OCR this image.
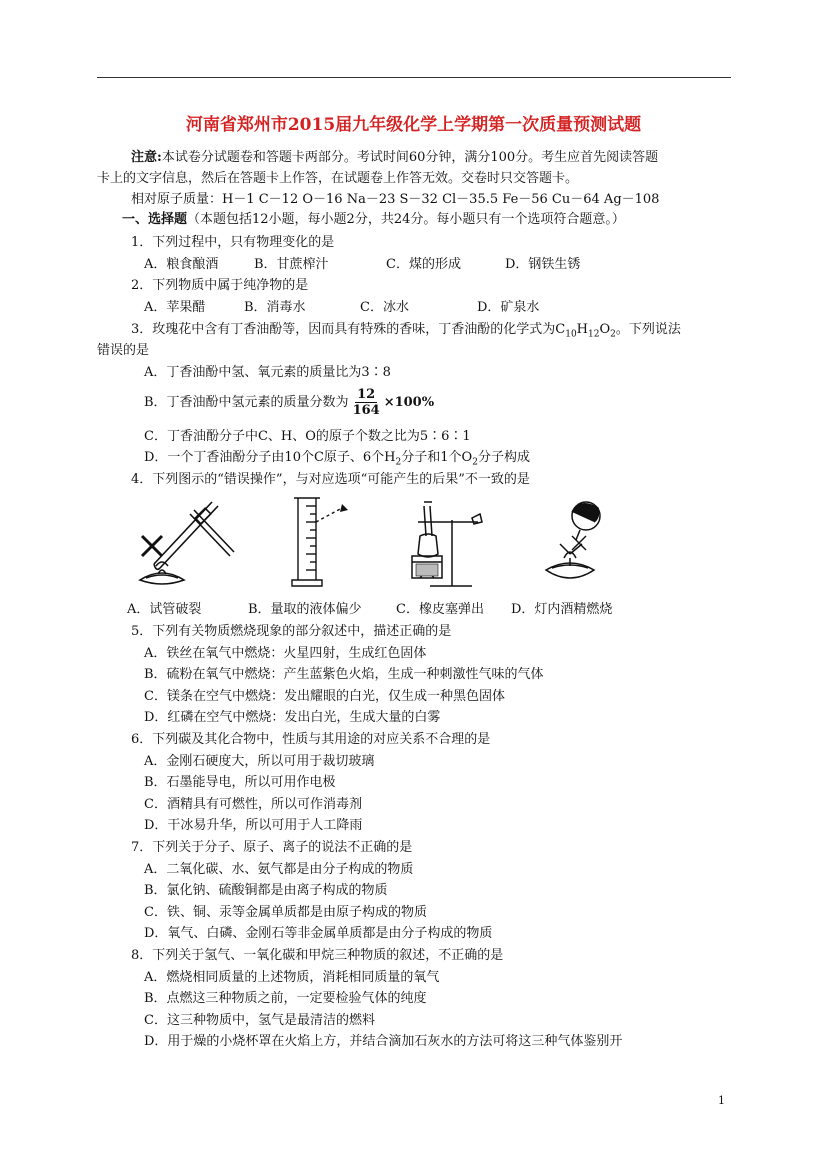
河南省郑州市2015届九年级化学上学期第一次质量预测试题
注意:本试卷分试题卷和答题卡两部分。考试时间60分钟，满分100分。考生应首先阅读答题
卡上的文字信息，然后在答题卡上作答，在试题卷上作答无效。交卷时只交答题卡。
相对原子质量：H－1 C－12 O－16 Na－23 S－32 Cl－35.5 Fe－56 Cu－64 Ag－108
一、选择题（本题包括12小题，每小题2分，共24分。每小题只有一个选项符合题意。）
1．下列过程中，只有物理变化的是
A．粮食酿酒	B．甘蔗榨汁	C．煤的形成	D．钢铁生锈
2．下列物质中属于纯净物的是
A．苹果醋	B．消毒水	C．冰水	D．矿泉水
3．玫瑰花中含有丁香油酚等，因而具有特殊的香味，丁香油酚的化学式为$C_{10}H_{12}O_2$。下列说法
错误的是
A．丁香油酚中氢、氧元素的质量比为3∶8
B．丁香油酚中氢元素的质量分数为 $\frac{12}{164} \times 100\%$
C．丁香油酚分子中C、H、O的原子个数之比为5∶6∶1
D．一个丁香油酚分子由10个C原子、6个$H_2$分子和1个$O_2$分子构成
4．下列图示的“错误操作”，与对应选项“可能产生的后果”不一致的是
A．试管破裂	B．量取的液体偏少	C．橡皮塞弹出 D．灯内酒精燃烧
5．下列有关物质燃烧现象的部分叙述中，描述正确的是
A．铁丝在氧气中燃烧：火星四射，生成红色固体
B．硫粉在氧气中燃烧：产生蓝紫色火焰，生成一种刺激性气味的气体
C．镁条在空气中燃烧：发出耀眼的白光，仅生成一种黑色固体
D．红磷在空气中燃烧：发出白光，生成大量的白雾
6．下列碳及其化合物中，性质与其用途的对应关系不合理的是
A．金刚石硬度大，所以可用于裁切玻璃
B．石墨能导电，所以可用作电极
C．酒精具有可燃性，所以可作消毒剂
D．干冰易升华，所以可用于人工降雨
7．下列关于分子、原子、离子的说法不正确的是
A．二氧化碳、水、氨气都是由分子构成的物质
B．氯化钠、硫酸铜都是由离子构成的物质
C．铁、铜、汞等金属单质都是由原子构成的物质
D．氧气、白磷、金刚石等非金属单质都是由分子构成的物质
8．下列关于氢气、一氧化碳和甲烷三种物质的叙述，不正确的是
A．燃烧相同质量的上述物质，消耗相同质量的氧气
B．点燃这三种物质之前，一定要检验气体的纯度
C．这三种物质中，氢气是最清洁的燃料
D．用于燥的小烧杯罩在火焰上方，并结合滴加石灰水的方法可将这三种气体鉴别开
1
